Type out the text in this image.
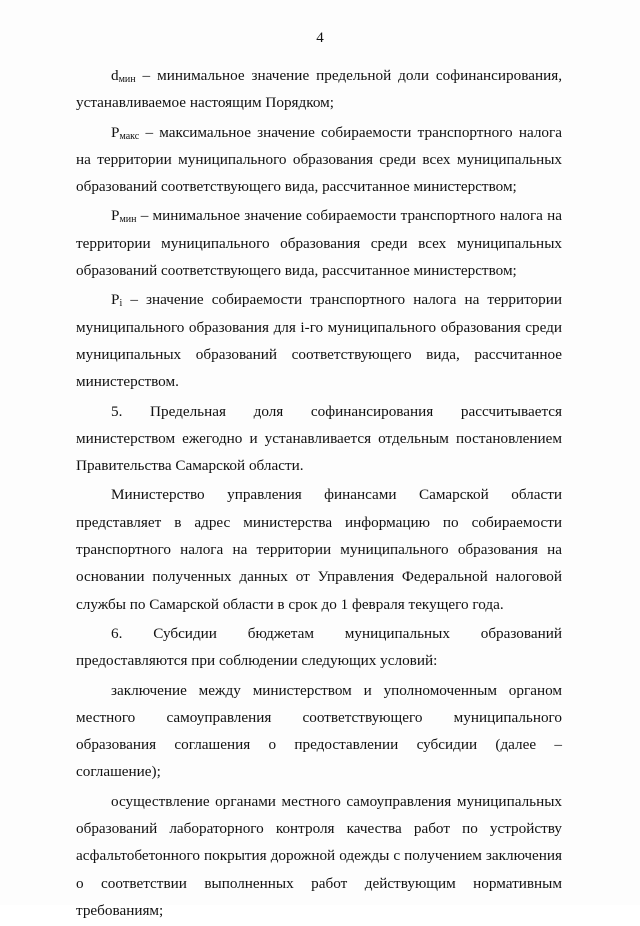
4

$d_{мин}$ – минимальное значение предельной доли софинансирования, устанавливаемое настоящим Порядком;

$P_{макс}$ – максимальное значение собираемости транспортного налога на территории муниципального образования среди всех муниципальных образований соответствующего вида, рассчитанное министерством;

$P_{мин}$ – минимальное значение собираемости транспортного налога на территории муниципального образования среди всех муниципальных образований соответствующего вида, рассчитанное министерством;

$P_i$ – значение собираемости транспортного налога на территории муниципального образования для i-го муниципального образования среди муниципальных образований соответствующего вида, рассчитанное министерством.

5. Предельная доля софинансирования рассчитывается министерством ежегодно и устанавливается отдельным постановлением Правительства Самарской области.

Министерство управления финансами Самарской области представляет в адрес министерства информацию по собираемости транспортного налога на территории муниципального образования на основании полученных данных от Управления Федеральной налоговой службы по Самарской области в срок до 1 февраля текущего года.

6. Субсидии бюджетам муниципальных образований предоставляются при соблюдении следующих условий:

заключение между министерством и уполномоченным органом местного самоуправления соответствующего муниципального образования соглашения о предоставлении субсидии (далее – соглашение);

осуществление органами местного самоуправления муниципальных образований лабораторного контроля качества работ по устройству асфальтобетонного покрытия дорожной одежды с получением заключения о соответствии выполненных работ действующим нормативным требованиям;
